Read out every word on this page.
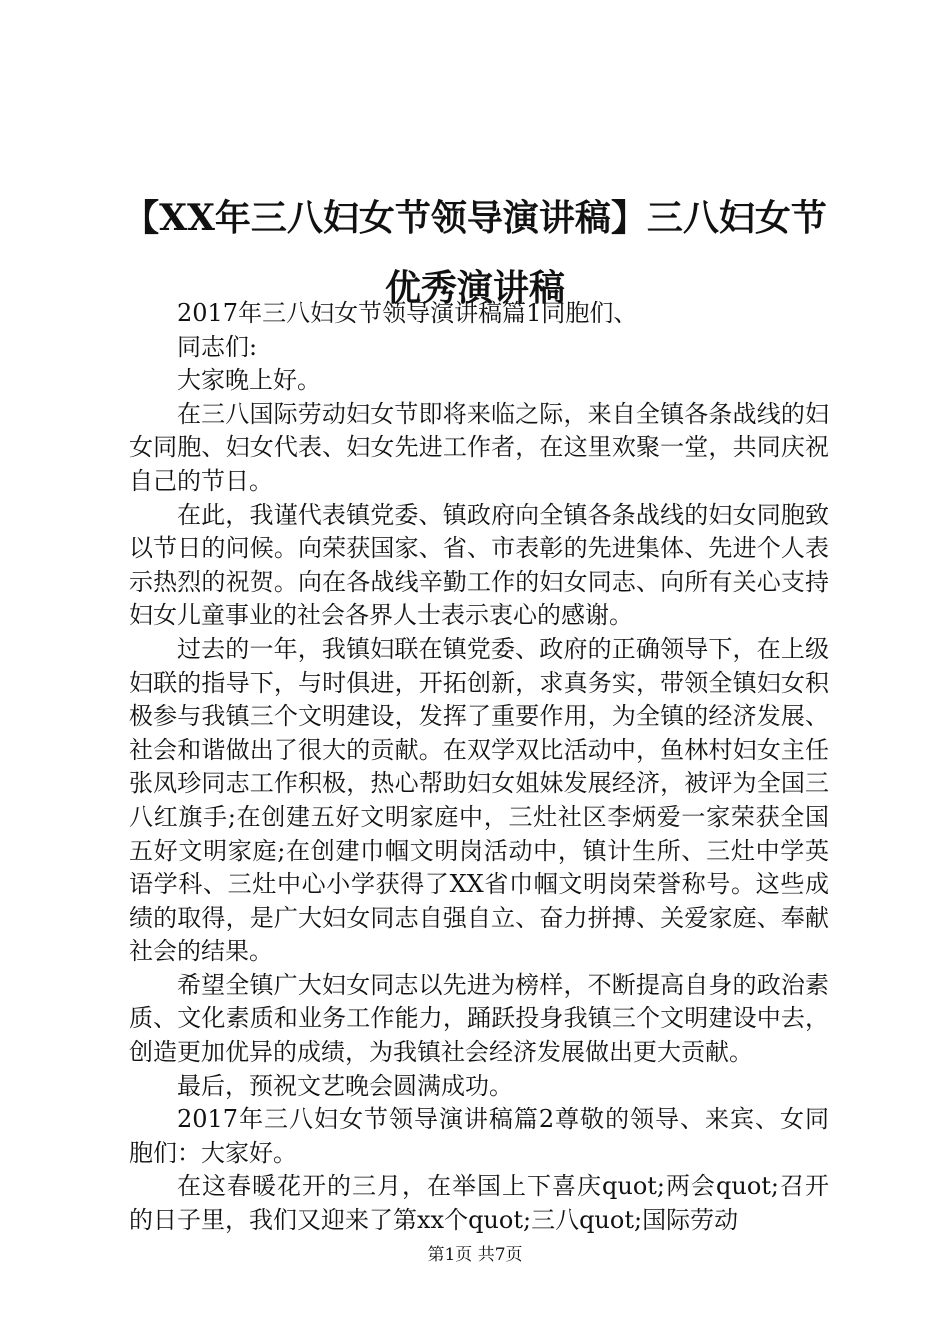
【XX年三八妇女节领导演讲稿】三八妇女节
优秀演讲稿

2017年三八妇女节领导演讲稿篇1同胞们、

同志们:

大家晚上好。

在三八国际劳动妇女节即将来临之际，来自全镇各条战线的妇女同胞、妇女代表、妇女先进工作者，在这里欢聚一堂，共同庆祝自己的节日。

在此，我谨代表镇党委、镇政府向全镇各条战线的妇女同胞致以节日的问候。向荣获国家、省、市表彰的先进集体、先进个人表示热烈的祝贺。向在各战线辛勤工作的妇女同志、向所有关心支持妇女儿童事业的社会各界人士表示衷心的感谢。

过去的一年，我镇妇联在镇党委、政府的正确领导下，在上级妇联的指导下，与时俱进，开拓创新，求真务实，带领全镇妇女积极参与我镇三个文明建设，发挥了重要作用，为全镇的经济发展、社会和谐做出了很大的贡献。在双学双比活动中，鱼林村妇女主任张凤珍同志工作积极，热心帮助妇女姐妹发展经济，被评为全国三八红旗手;在创建五好文明家庭中，三灶社区李炳爱一家荣获全国五好文明家庭;在创建巾帼文明岗活动中，镇计生所、三灶中学英语学科、三灶中心小学获得了XX省巾帼文明岗荣誉称号。这些成绩的取得，是广大妇女同志自强自立、奋力拼搏、关爱家庭、奉献社会的结果。

希望全镇广大妇女同志以先进为榜样，不断提高自身的政治素质、文化素质和业务工作能力，踊跃投身我镇三个文明建设中去，创造更加优异的成绩，为我镇社会经济发展做出更大贡献。

最后，预祝文艺晚会圆满成功。

2017年三八妇女节领导演讲稿篇2尊敬的领导、来宾、女同胞们：大家好。

在这春暖花开的三月，在举国上下喜庆quot;两会quot;召开的日子里，我们又迎来了第xx个quot;三八quot;国际劳动

第1页 共7页
